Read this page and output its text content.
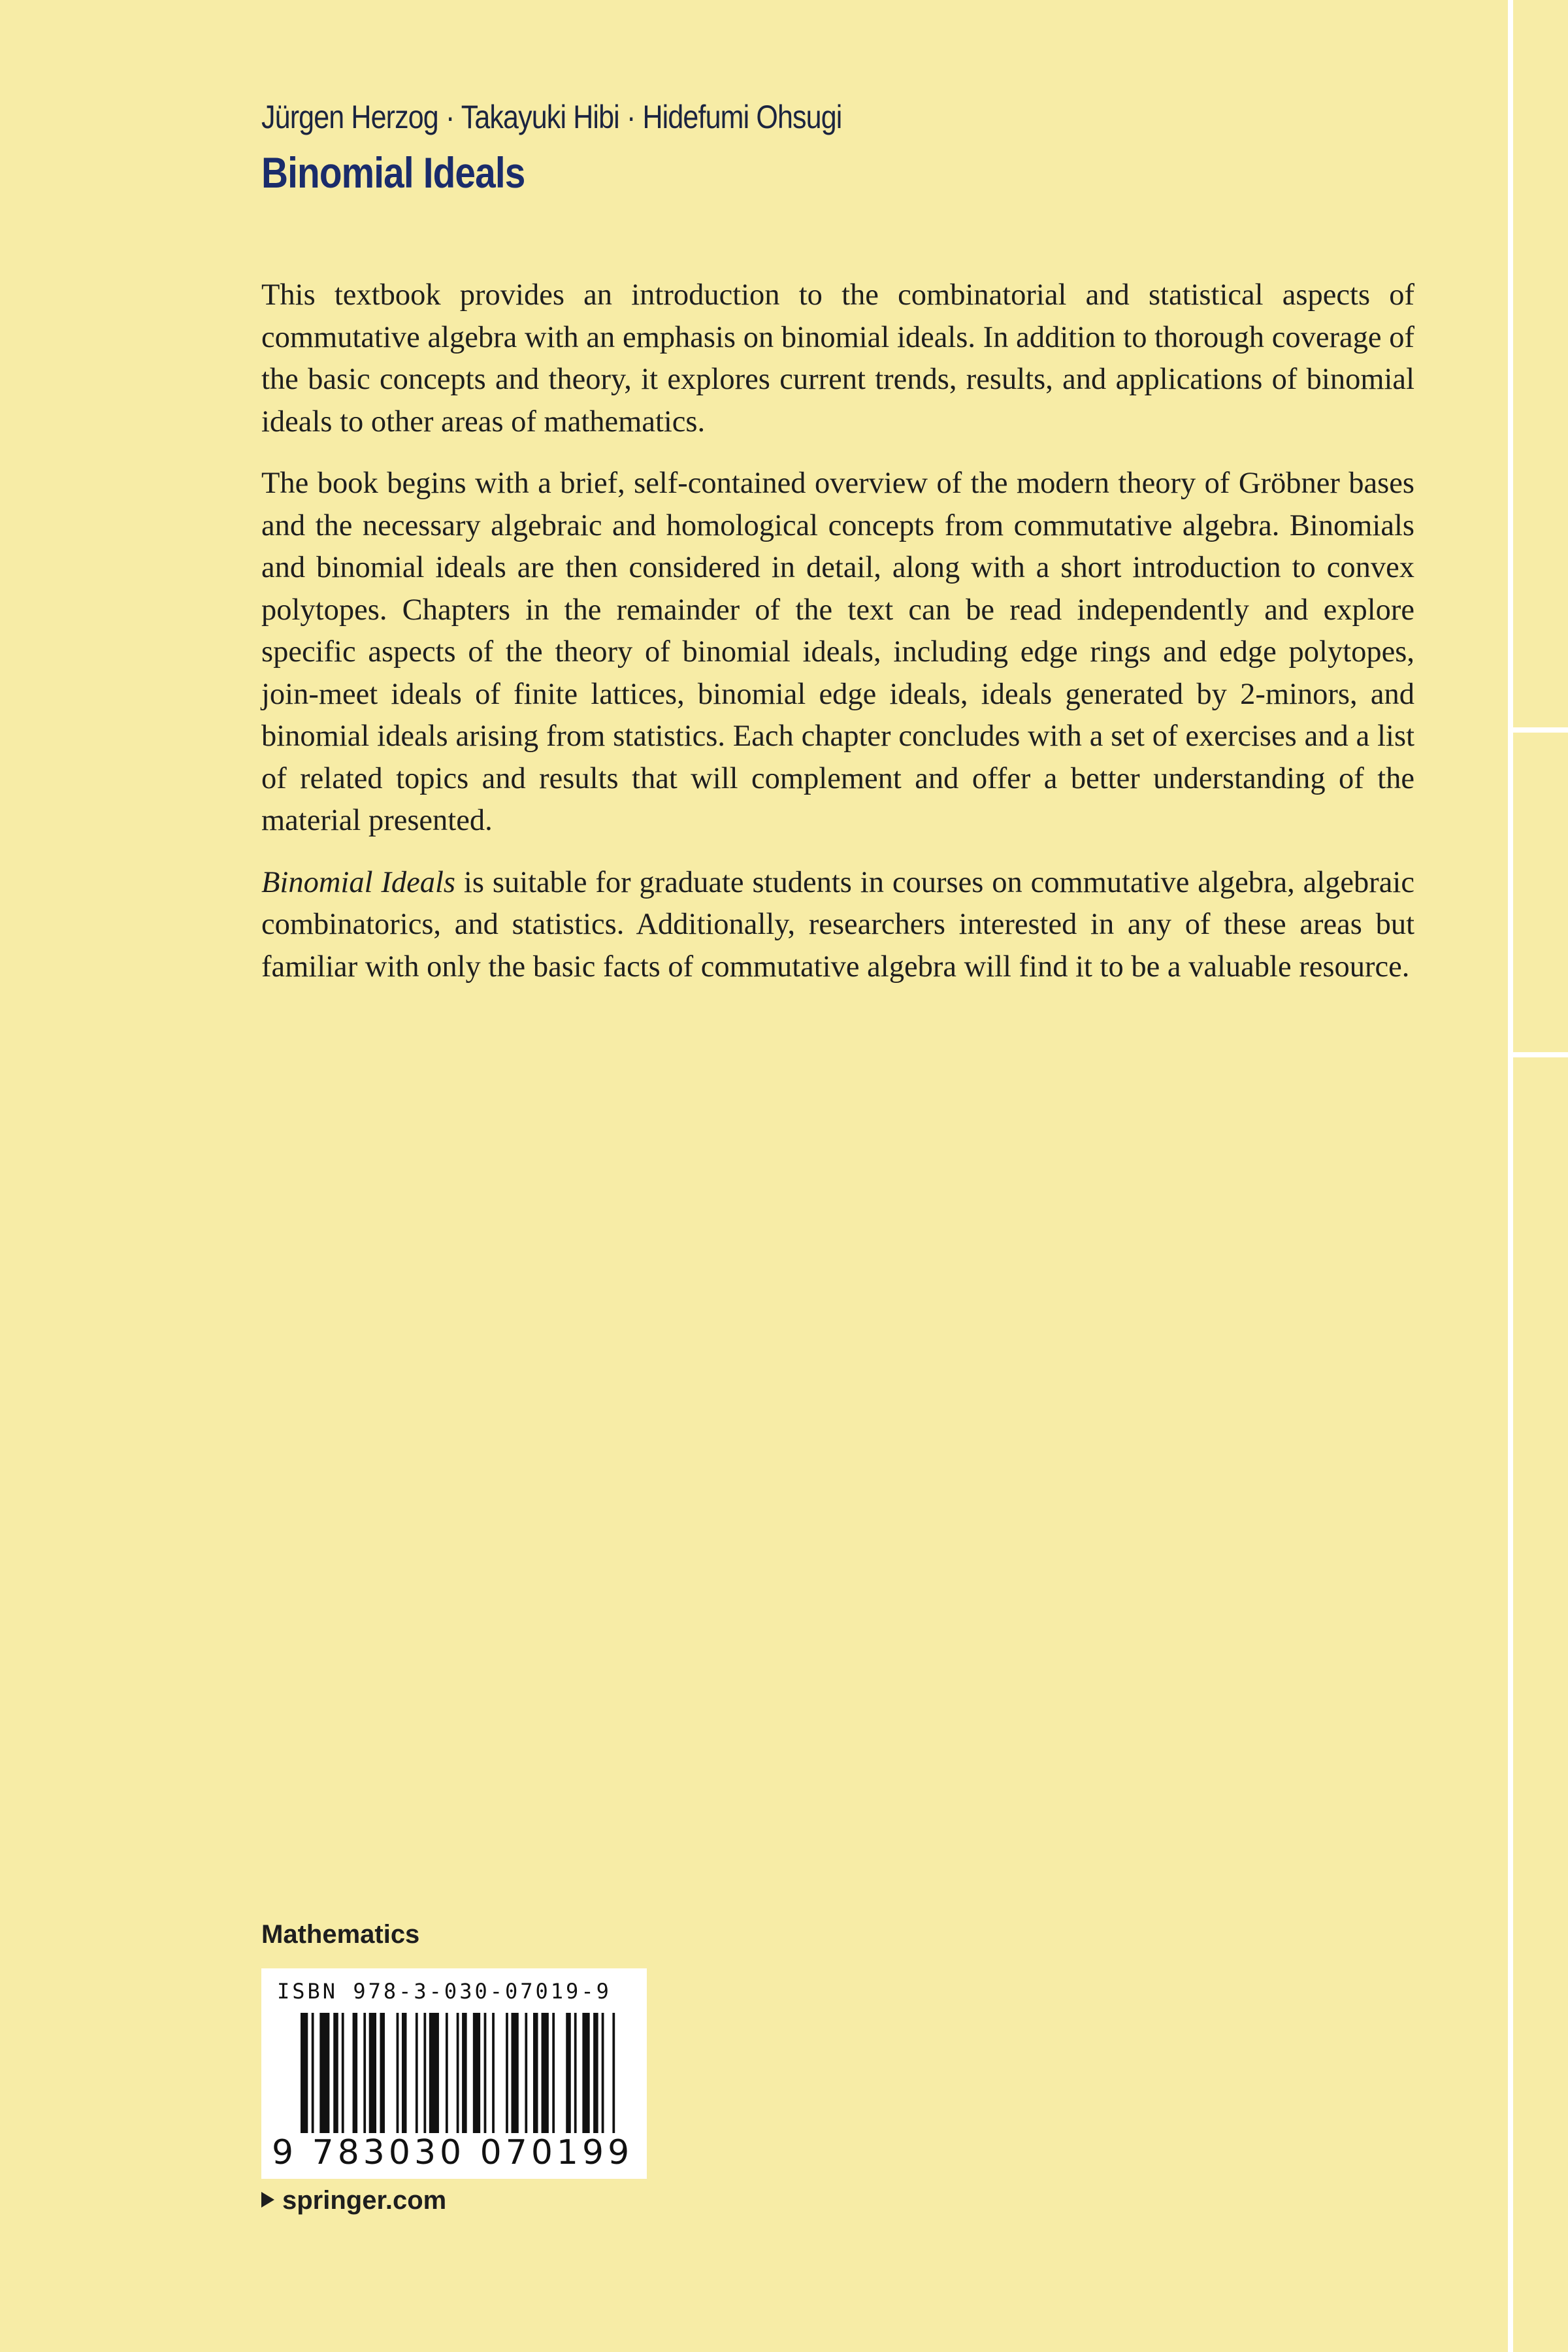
Jürgen Herzog · Takayuki Hibi · Hidefumi Ohsugi
Binomial Ideals

This textbook provides an introduction to the combinatorial and statistical aspects of commutative algebra with an emphasis on binomial ideals. In addition to thorough coverage of the basic concepts and theory, it explores current trends, results, and applications of binomial ideals to other areas of mathematics.

The book begins with a brief, self-contained overview of the modern theory of Gröbner bases and the necessary algebraic and homological concepts from commutative algebra. Binomials and binomial ideals are then considered in detail, along with a short introduction to convex polytopes. Chapters in the remainder of the text can be read independently and explore specific aspects of the theory of binomial ideals, including edge rings and edge polytopes, join-meet ideals of finite lattices, binomial edge ideals, ideals generated by 2-minors, and binomial ideals arising from statistics. Each chapter concludes with a set of exercises and a list of related topics and results that will complement and offer a better understanding of the material presented.

Binomial Ideals is suitable for graduate students in courses on commutative algebra, algebraic combinatorics, and statistics. Additionally, researchers interested in any of these areas but familiar with only the basic facts of commutative algebra will find it to be a valuable resource.

Mathematics
ISBN 978-3-030-07019-9
9 783030 070199
springer.com
